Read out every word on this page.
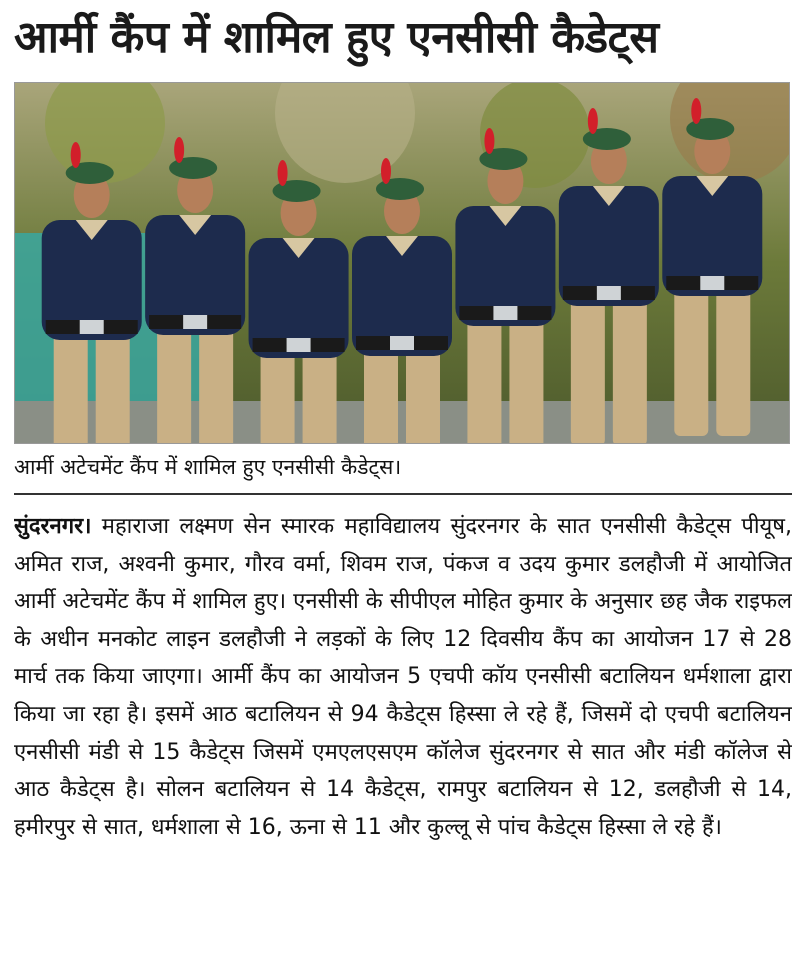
आर्मी कैंप में शामिल हुए एनसीसी कैडेट्स
आर्मी अटेचमेंट कैंप में शामिल हुए एनसीसी कैडेट्स।
सुंदरनगर। महाराजा लक्ष्मण सेन स्मारक महाविद्यालय सुंदरनगर के सात एनसीसी कैडेट्स पीयूष, अमित राज, अश्वनी कुमार, गौरव वर्मा, शिवम राज, पंकज व उदय कुमार डलहौजी में आयोजित आर्मी अटेचमेंट कैंप में शामिल हुए। एनसीसी के सीपीएल मोहित कुमार के अनुसार छह जैक राइफल के अधीन मनकोट लाइन डलहौजी ने लड़कों के लिए 12 दिवसीय कैंप का आयोजन 17 से 28 मार्च तक किया जाएगा। आर्मी कैंप का आयोजन 5 एचपी कॉय एनसीसी बटालियन धर्मशाला द्वारा किया जा रहा है। इसमें आठ बटालियन से 94 कैडेट्स हिस्सा ले रहे हैं, जिसमें दो एचपी बटालियन एनसीसी मंडी से 15 कैडेट्स जिसमें एमएलएसएम कॉलेज सुंदरनगर से सात और मंडी कॉलेज से आठ कैडेट्स है। सोलन बटालियन से 14 कैडेट्स, रामपुर बटालियन से 12, डलहौजी से 14, हमीरपुर से सात, धर्मशाला से 16, ऊना से 11 और कुल्लू से पांच कैडेट्स हिस्सा ले रहे हैं।
